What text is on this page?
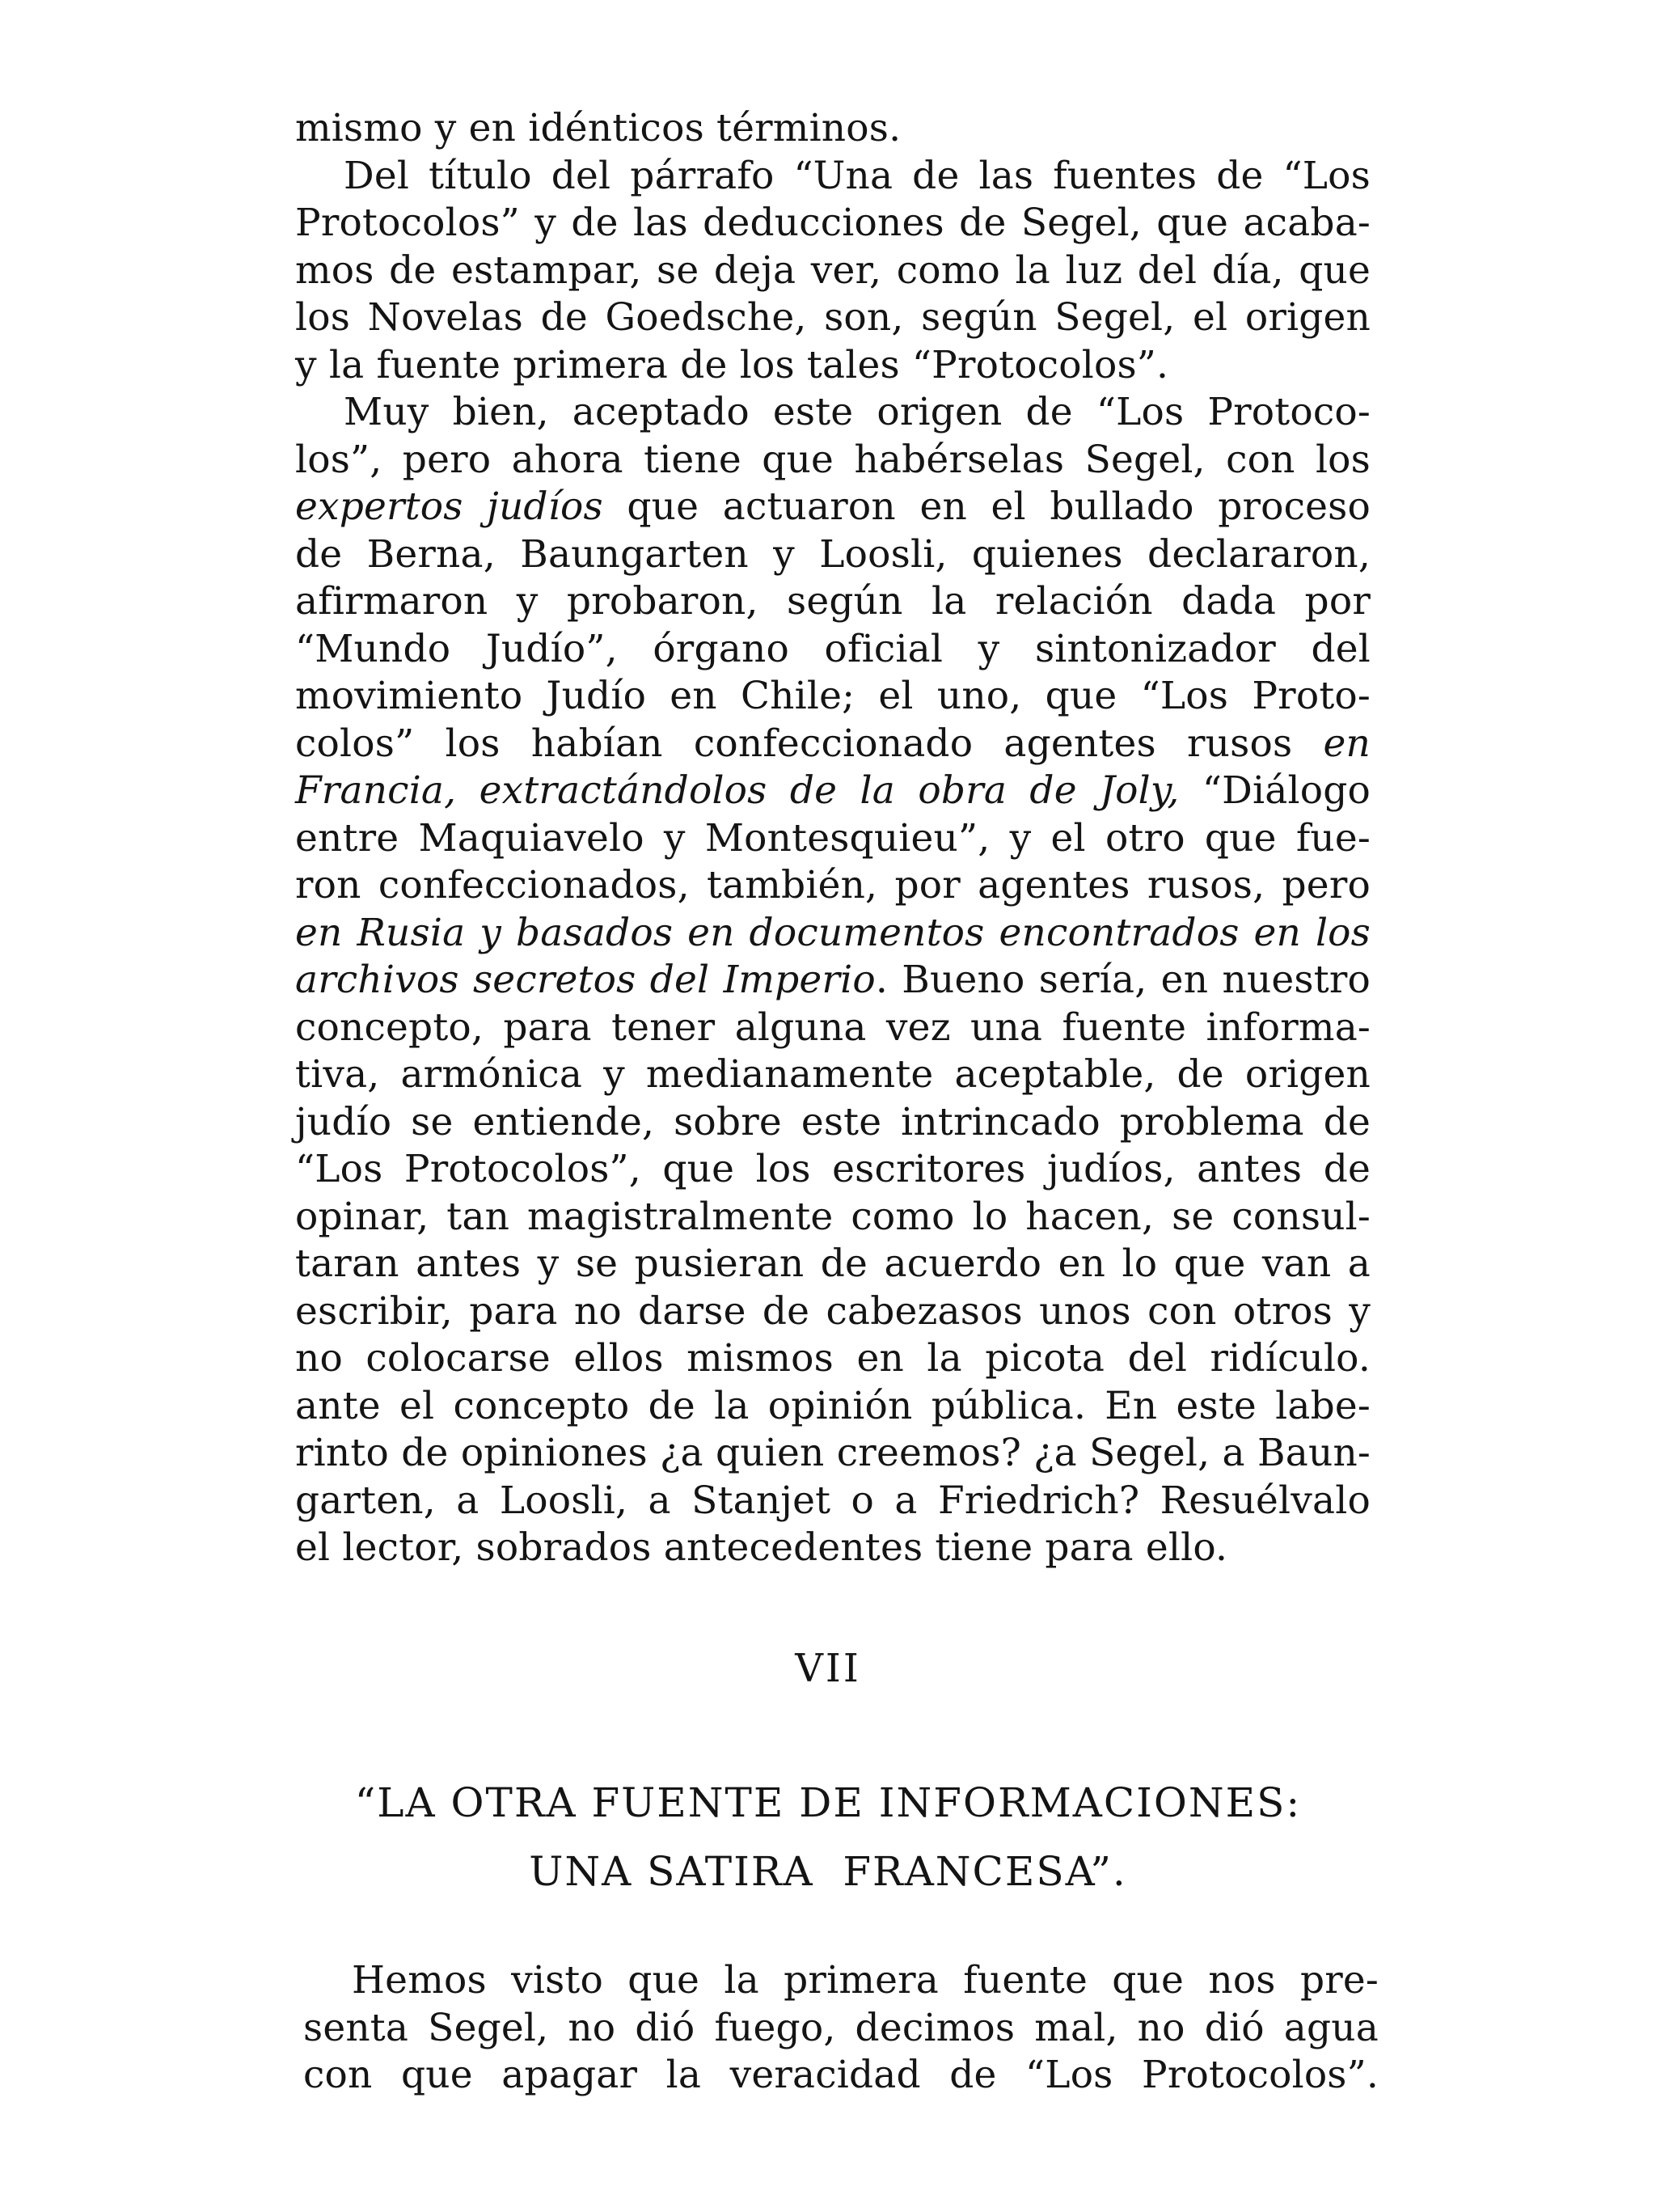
mismo y en idénticos términos.
Del título del párrafo “Una de las fuentes de “Los
Protocolos” y de las deducciones de Segel, que acaba-
mos de estampar, se deja ver, como la luz del día, que
los Novelas de Goedsche, son, según Segel, el origen
y la fuente primera de los tales “Protocolos”.
Muy bien, aceptado este origen de “Los Protoco-
los”, pero ahora tiene que habérselas Segel, con los
expertos judíos que actuaron en el bullado proceso
de Berna, Baungarten y Loosli, quienes declararon,
afirmaron y probaron, según la relación dada por
“Mundo Judío”, órgano oficial y sintonizador del
movimiento Judío en Chile; el uno, que “Los Proto-
colos” los habían confeccionado agentes rusos en
Francia, extractándolos de la obra de Joly, “Diálogo
entre Maquiavelo y Montesquieu”, y el otro que fue-
ron confeccionados, también, por agentes rusos, pero
en Rusia y basados en documentos encontrados en los
archivos secretos del Imperio. Bueno sería, en nuestro
concepto, para tener alguna vez una fuente informa-
tiva, armónica y medianamente aceptable, de origen
judío se entiende, sobre este intrincado problema de
“Los Protocolos”, que los escritores judíos, antes de
opinar, tan magistralmente como lo hacen, se consul-
taran antes y se pusieran de acuerdo en lo que van a
escribir, para no darse de cabezasos unos con otros y
no colocarse ellos mismos en la picota del ridículo.
ante el concepto de la opinión pública. En este labe-
rinto de opiniones ¿a quien creemos? ¿a Segel, a Baun-
garten, a Loosli, a Stanjet o a Friedrich? Resuélvalo
el lector, sobrados antecedentes tiene para ello.
VII
“LA OTRA FUENTE DE INFORMACIONES:
UNA SATIRA  FRANCESA”.
Hemos visto que la primera fuente que nos pre-
senta Segel, no dió fuego, decimos mal, no dió agua
con que apagar la veracidad de “Los Protocolos”.
